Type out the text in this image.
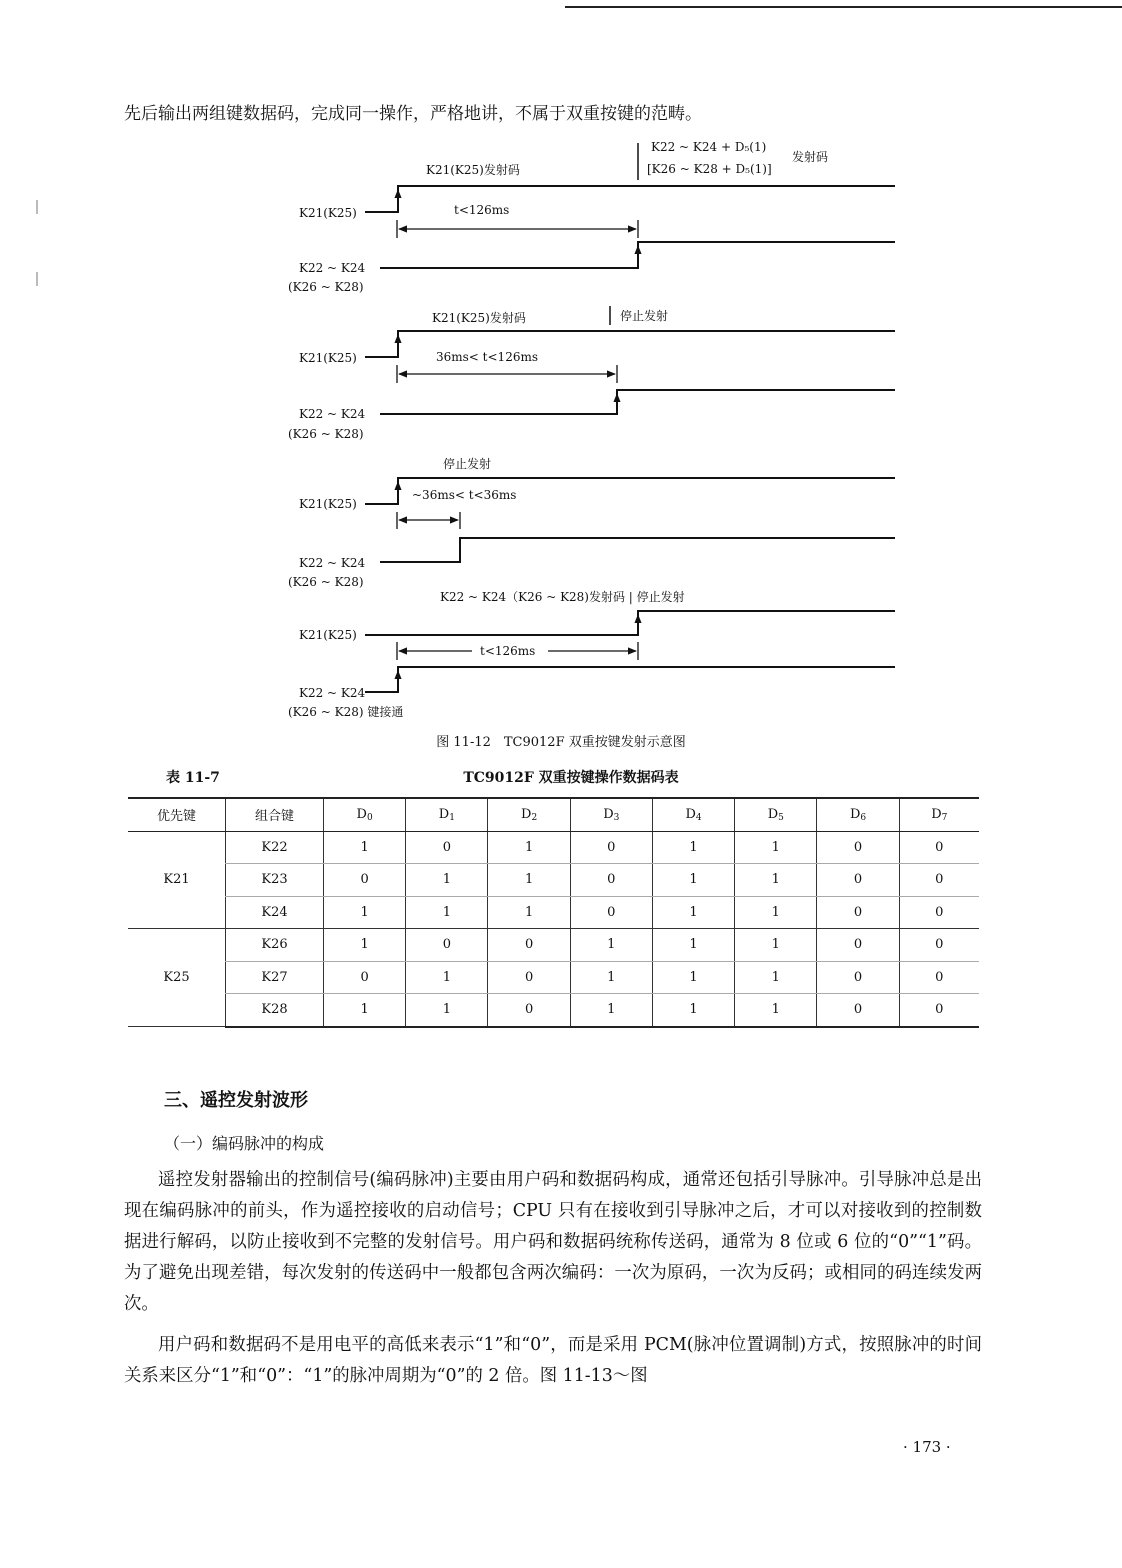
先后输出两组键数据码，完成同一操作，严格地讲，不属于双重按键的范畴。
K21(K25)发射码
K22 ~ K24 + D₅(1)
[K26 ~ K28 + D₅(1)]
发射码
t<126ms
K21(K25)
K22 ~ K24
(K26 ~ K28)
K21(K25)发射码	停止发射
36ms< t<126ms
K21(K25)
K22 ~ K24
(K26 ~ K28)
停止发射
~36ms< t<36ms
K21(K25)
K22 ~ K24
(K26 ~ K28)
K22 ~ K24（K26 ~ K28)发射码 | 停止发射
t<126ms
K21(K25)
K22 ~ K24
(K26 ~ K28) 键接通
图 11-12　TC9012F 双重按键发射示意图
表 11-7	TC9012F 双重按键操作数据码表
优先键	组合键	$D_0$	$D_1$	$D_2$	$D_3$	$D_4$	$D_5$	$D_6$	$D_7$
K21	K22	1	0	1	0	1	1	0	0
	K23	0	1	1	0	1	1	0	0
	K24	1	1	1	0	1	1	0	0
K25	K26	1	0	0	1	1	1	0	0
	K27	0	1	0	1	1	1	0	0
	K28	1	1	0	1	1	1	0	0
三、遥控发射波形
（一）编码脉冲的构成

遥控发射器输出的控制信号(编码脉冲)主要由用户码和数据码构成，通常还包括引导脉冲。引导脉冲总是出现在编码脉冲的前头，作为遥控接收的启动信号；CPU 只有在接收到引导脉冲之后，才可以对接收到的控制数据进行解码，以防止接收到不完整的发射信号。用户码和数据码统称传送码，通常为 8 位或 6 位的“0”“1”码。为了避免出现差错，每次发射的传送码中一般都包含两次编码：一次为原码，一次为反码；或相同的码连续发两次。

用户码和数据码不是用电平的高低来表示“1”和“0”，而是采用 PCM(脉冲位置调制)方式，按照脉冲的时间关系来区分“1”和“0”：“1”的脉冲周期为“0”的 2 倍。图 11-13～图

· 173 ·
